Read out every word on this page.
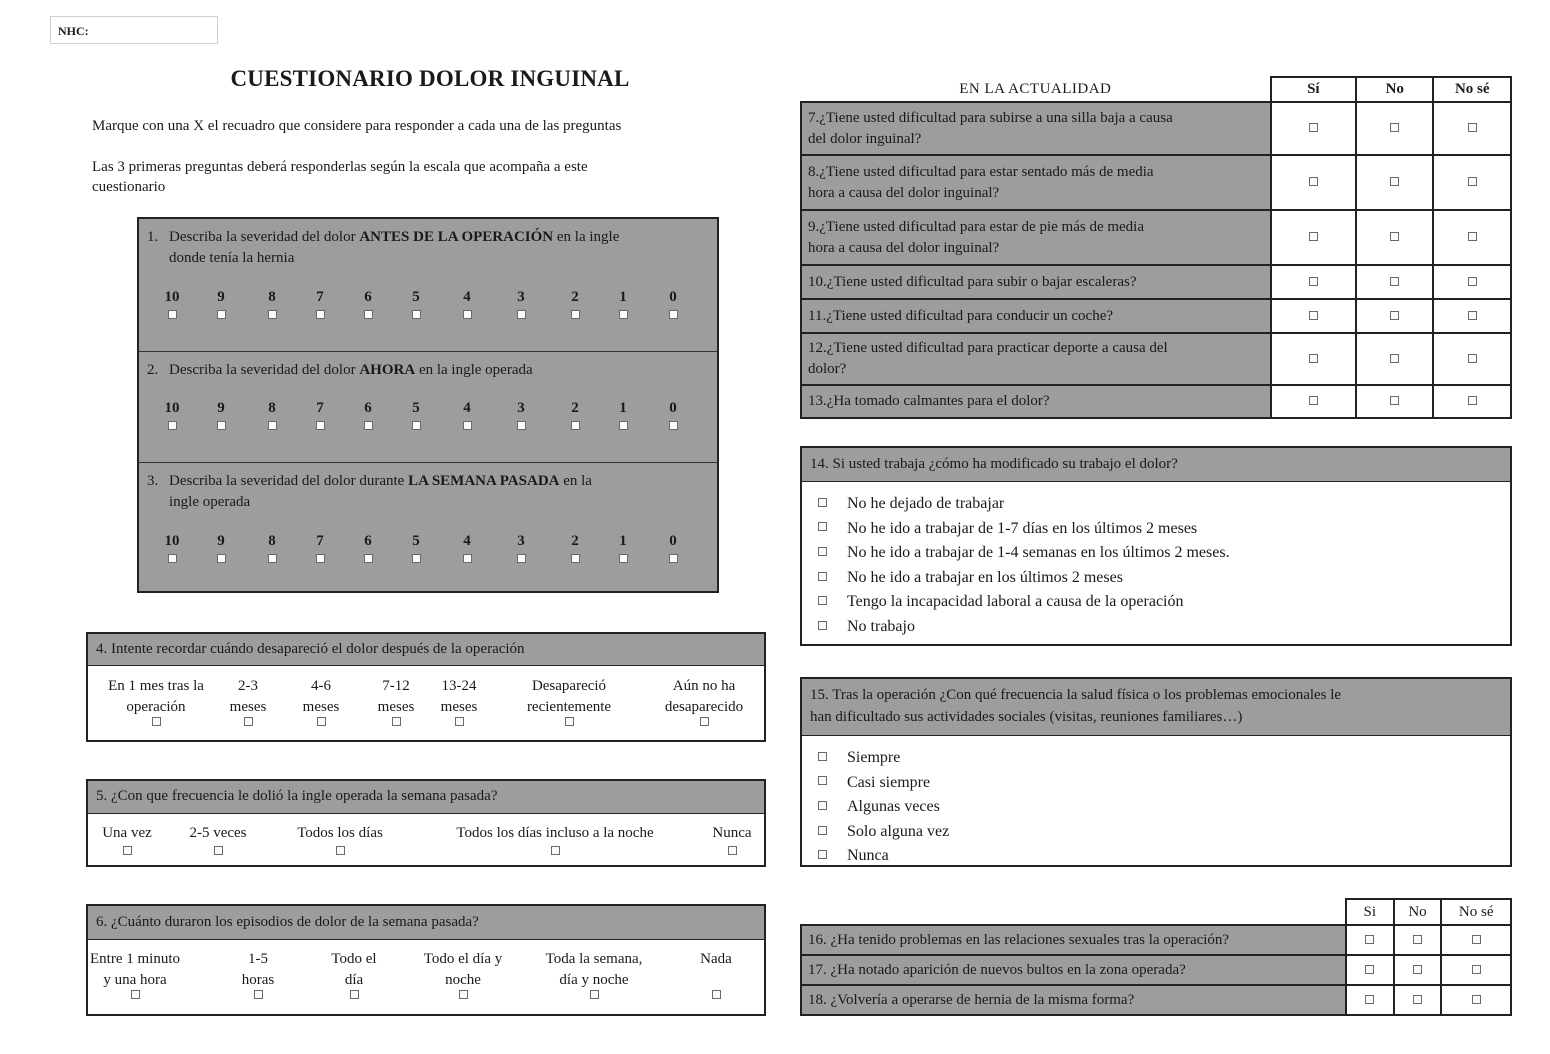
NHC:
CUESTIONARIO DOLOR INGUINAL
Marque con una X el recuadro que considere para responder a cada una de las preguntas
Las 3 primeras preguntas deberá responderlas según la escala que acompaña a este
cuestionario
1. Describa la severidad del dolor ANTES DE LA OPERACIÓN en la ingle
donde tenía la hernia
10	9	8	7	6	5	4	3	2	1	0
2. Describa la severidad del dolor AHORA en la ingle operada
10	9	8	7	6	5	4	3	2	1	0
3. Describa la severidad del dolor durante LA SEMANA PASADA en la
ingle operada
10	9	8	7	6	5	4	3	2	1	0
4. Intente recordar cuándo desapareció el dolor después de la operación
En 1 mes tras la
operación
2-3
meses
4-6
meses
7-12
meses
13-24
meses
Desapareció
recientemente
Aún no ha
desaparecido
5. ¿Con que frecuencia le dolió la ingle operada la semana pasada?
Una vez	2-5 veces	Todos los días	Todos los días incluso a la noche	Nunca
6. ¿Cuánto duraron los episodios de dolor de la semana pasada?
Entre 1 minuto
y una hora
1-5
horas
Todo el
día
Todo el día y
noche
Toda la semana,
día y noche
Nada
EN LA ACTUALIDAD	Sí	No	No sé

7.¿Tiene usted dificultad para subirse a una silla baja a causa
del dolor inguinal?			

8.¿Tiene usted dificultad para estar sentado más de media
hora a causa del dolor inguinal?			

9.¿Tiene usted dificultad para estar de pie más de media
hora a causa del dolor inguinal?			

10.¿Tiene usted dificultad para subir o bajar escaleras?			

11.¿Tiene usted dificultad para conducir un coche?			

12.¿Tiene usted dificultad para practicar deporte a causa del
dolor?			

13.¿Ha tomado calmantes para el dolor?			

14. Si usted trabaja ¿cómo ha modificado su trabajo el dolor?
No he dejado de trabajar
No he ido a trabajar de 1-7 días en los últimos 2 meses
No he ido a trabajar de 1-4 semanas en los últimos 2 meses.
No he ido a trabajar en los últimos 2 meses
Tengo la incapacidad laboral a causa de la operación
No trabajo
15. Tras la operación ¿Con qué frecuencia la salud física o los problemas emocionales le
han dificultado sus actividades sociales (visitas, reuniones familiares…)
Siempre
Casi siempre
Algunas veces
Solo alguna vez
Nunca
	Si	No	No sé
16. ¿Ha tenido problemas en las relaciones sexuales tras la operación?			
17. ¿Ha notado aparición de nuevos bultos en la zona operada?			
18. ¿Volvería a operarse de hernia de la misma forma?			
